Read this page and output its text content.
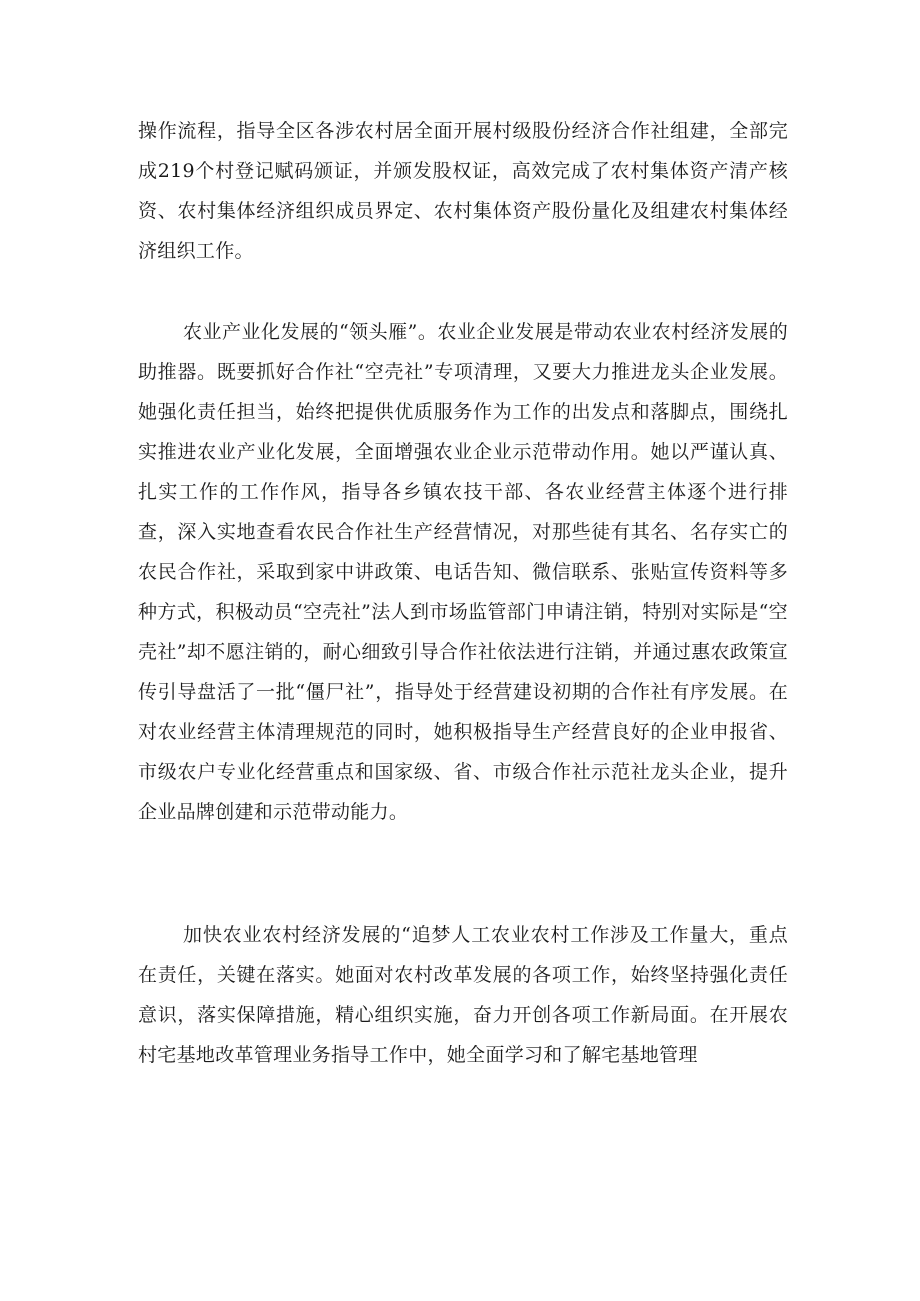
操作流程，指导全区各涉农村居全面开展村级股份经济合作社组建，全部完成219个村登记赋码颁证，并颁发股权证，高效完成了农村集体资产清产核资、农村集体经济组织成员界定、农村集体资产股份量化及组建农村集体经济组织工作。

农业产业化发展的“领头雁”。农业企业发展是带动农业农村经济发展的助推器。既要抓好合作社“空壳社”专项清理，又要大力推进龙头企业发展。她强化责任担当，始终把提供优质服务作为工作的出发点和落脚点，围绕扎实推进农业产业化发展，全面增强农业企业示范带动作用。她以严谨认真、扎实工作的工作作风，指导各乡镇农技干部、各农业经营主体逐个进行排查，深入实地查看农民合作社生产经营情况，对那些徒有其名、名存实亡的农民合作社，采取到家中讲政策、电话告知、微信联系、张贴宣传资料等多种方式，积极动员“空壳社”法人到市场监管部门申请注销，特别对实际是“空壳社”却不愿注销的，耐心细致引导合作社依法进行注销，并通过惠农政策宣传引导盘活了一批“僵尸社”，指导处于经营建设初期的合作社有序发展。在对农业经营主体清理规范的同时，她积极指导生产经营良好的企业申报省、市级农户专业化经营重点和国家级、省、市级合作社示范社龙头企业，提升企业品牌创建和示范带动能力。

加快农业农村经济发展的“追梦人工农业农村工作涉及工作量大，重点在责任，关键在落实。她面对农村改革发展的各项工作，始终坚持强化责任意识，落实保障措施，精心组织实施，奋力开创各项工作新局面。在开展农村宅基地改革管理业务指导工作中，她全面学习和了解宅基地管理
